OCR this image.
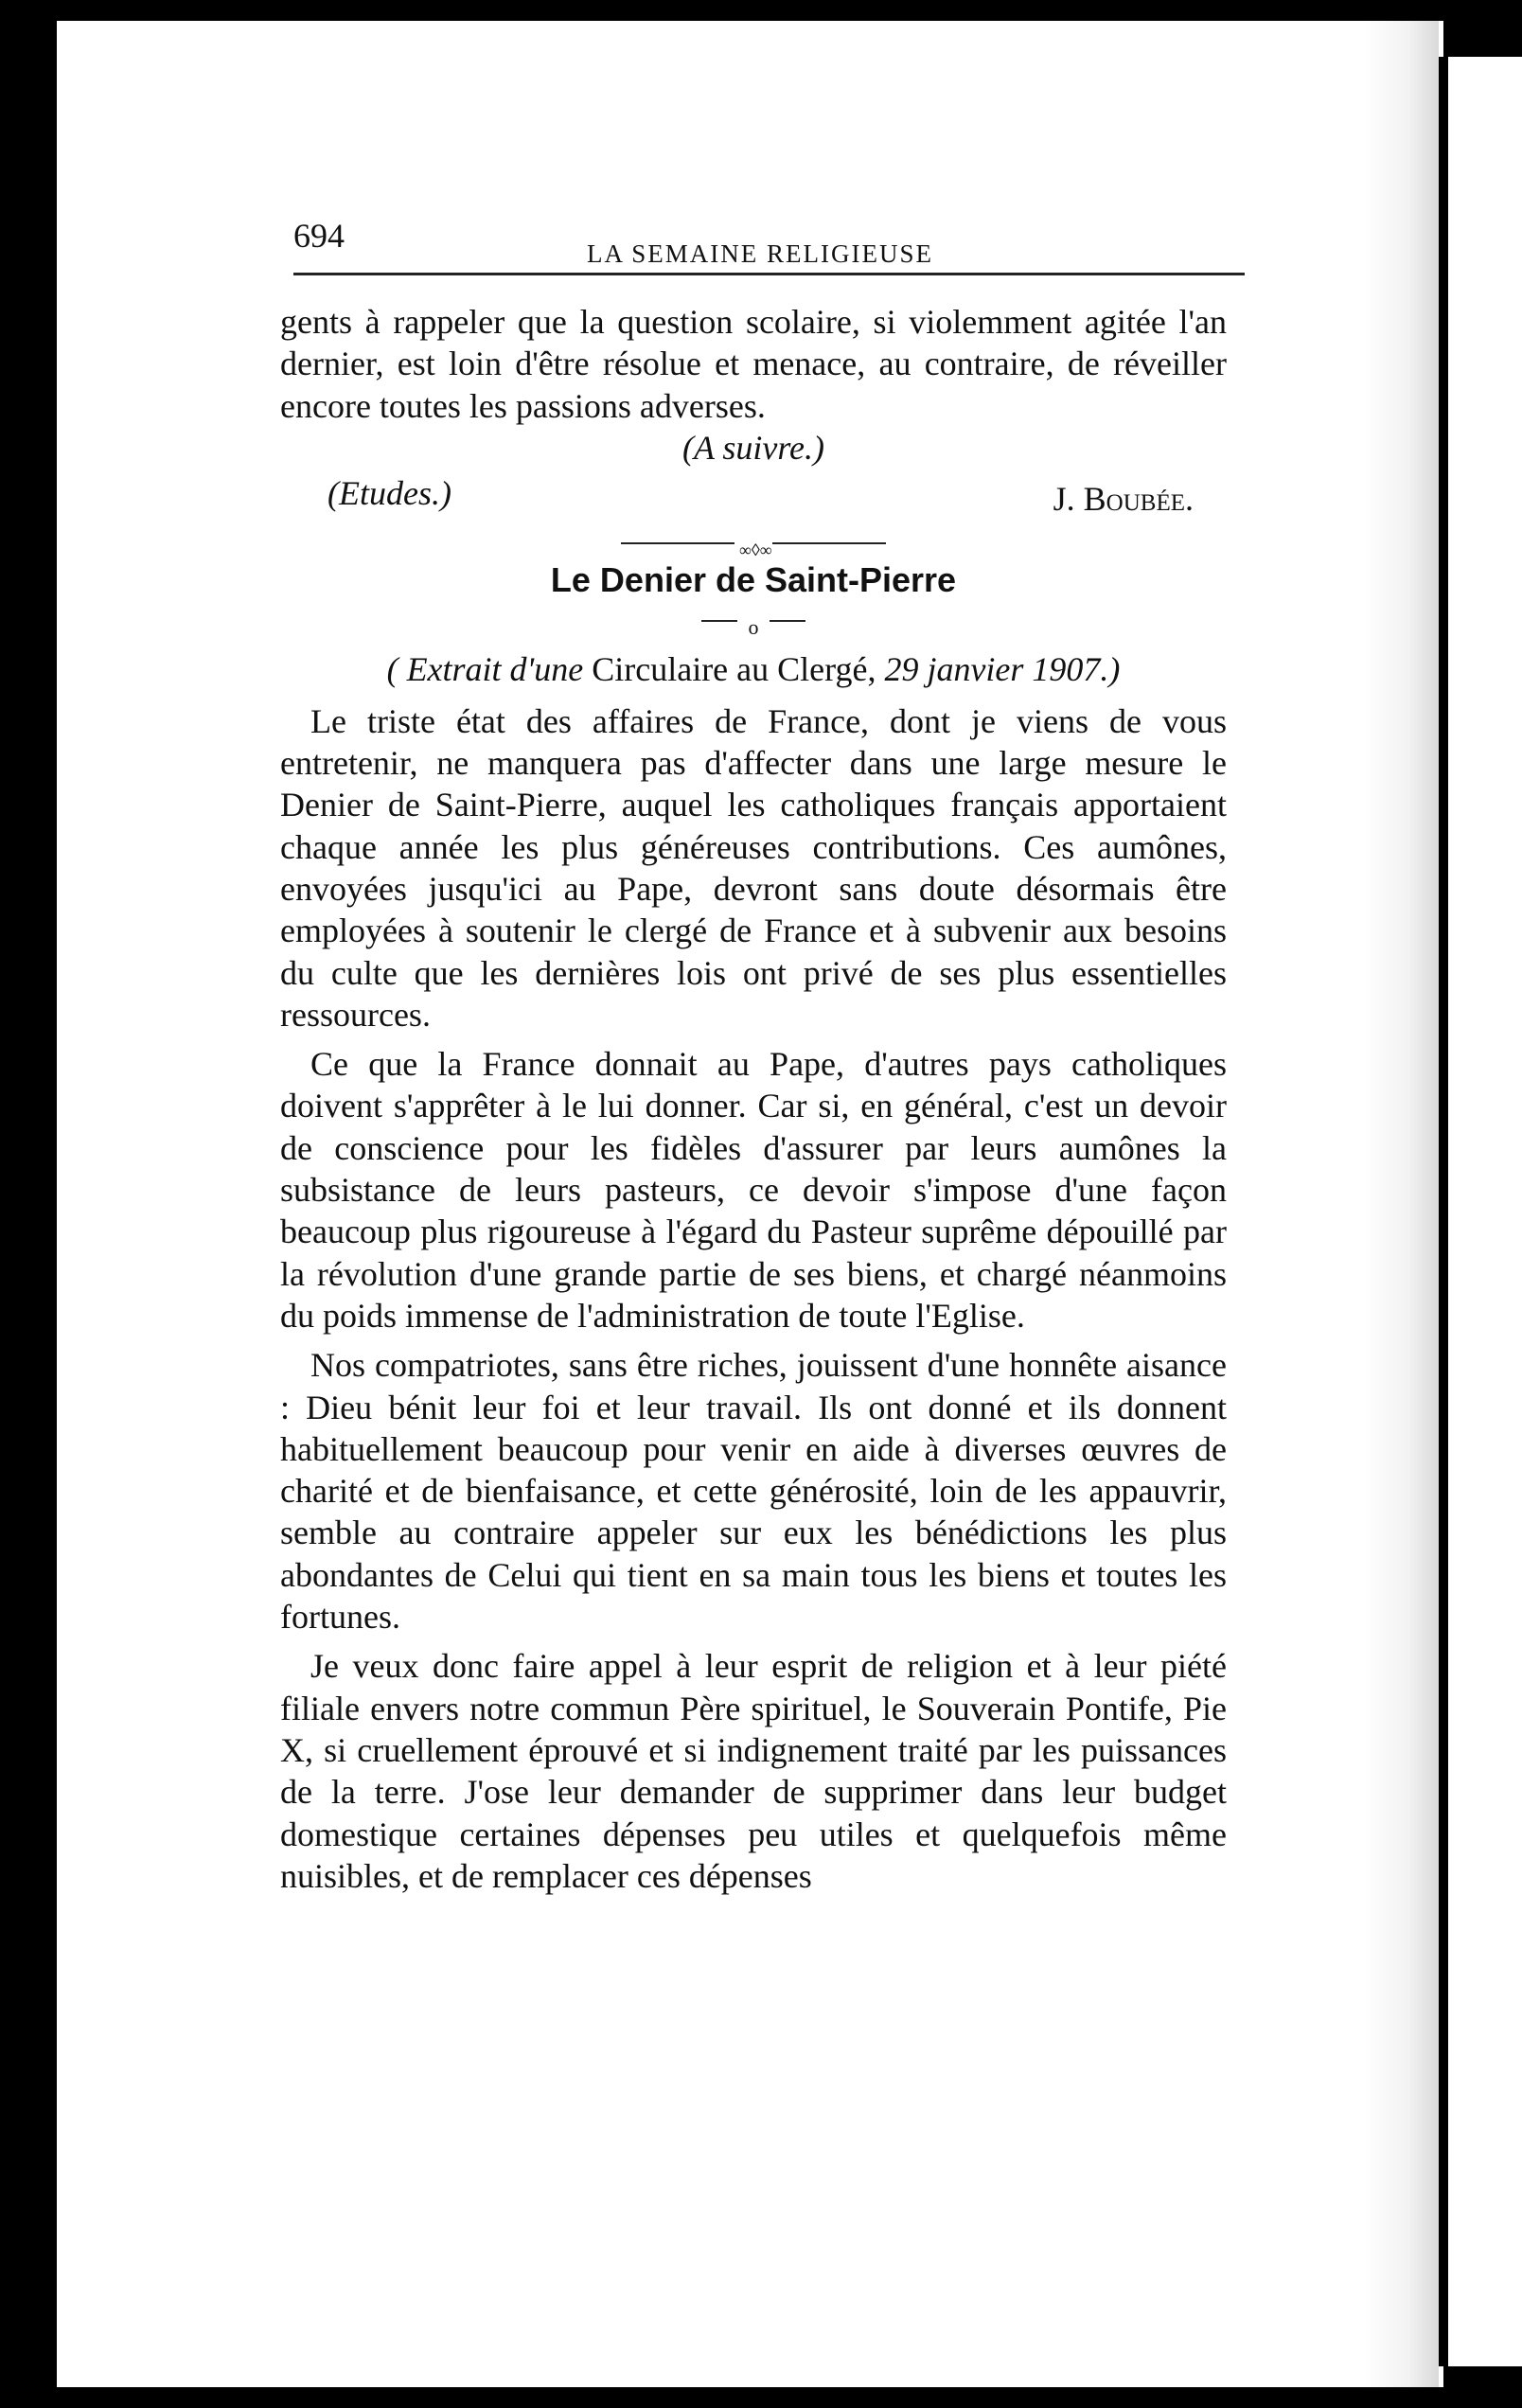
694	LA SEMAINE RELIGIEUSE

gents à rappeler que la question scolaire, si violemment agitée l'an dernier, est loin d'être résolue et menace, au contraire, de réveiller encore toutes les passions adverses.

(A suivre.)

(Etudes.)	J. Boubée.
∞◊∞
Le Denier de Saint-Pierre
o
( Extrait d'une Circulaire au Clergé, 29 janvier 1907.)

Le triste état des affaires de France, dont je viens de vous entretenir, ne manquera pas d'affecter dans une large mesure le Denier de Saint-Pierre, auquel les catholiques français apportaient chaque année les plus généreuses contributions. Ces aumônes, envoyées jusqu'ici au Pape, devront sans doute désormais être employées à soutenir le clergé de France et à subvenir aux besoins du culte que les dernières lois ont privé de ses plus essentielles ressources.

Ce que la France donnait au Pape, d'autres pays catholiques doivent s'apprêter à le lui donner. Car si, en général, c'est un devoir de conscience pour les fidèles d'assurer par leurs aumônes la subsistance de leurs pasteurs, ce devoir s'impose d'une façon beaucoup plus rigoureuse à l'égard du Pasteur suprême dépouillé par la révolution d'une grande partie de ses biens, et chargé néanmoins du poids immense de l'administration de toute l'Eglise.

Nos compatriotes, sans être riches, jouissent d'une honnête aisance : Dieu bénit leur foi et leur travail. Ils ont donné et ils donnent habituellement beaucoup pour venir en aide à diverses œuvres de charité et de bienfaisance, et cette générosité, loin de les appauvrir, semble au contraire appeler sur eux les bénédictions les plus abondantes de Celui qui tient en sa main tous les biens et toutes les fortunes.

Je veux donc faire appel à leur esprit de religion et à leur piété filiale envers notre commun Père spirituel, le Souverain Pontife, Pie X, si cruellement éprouvé et si indignement traité par les puissances de la terre. J'ose leur demander de supprimer dans leur budget domestique certaines dépenses peu utiles et quelquefois même nuisibles, et de remplacer ces dépenses
